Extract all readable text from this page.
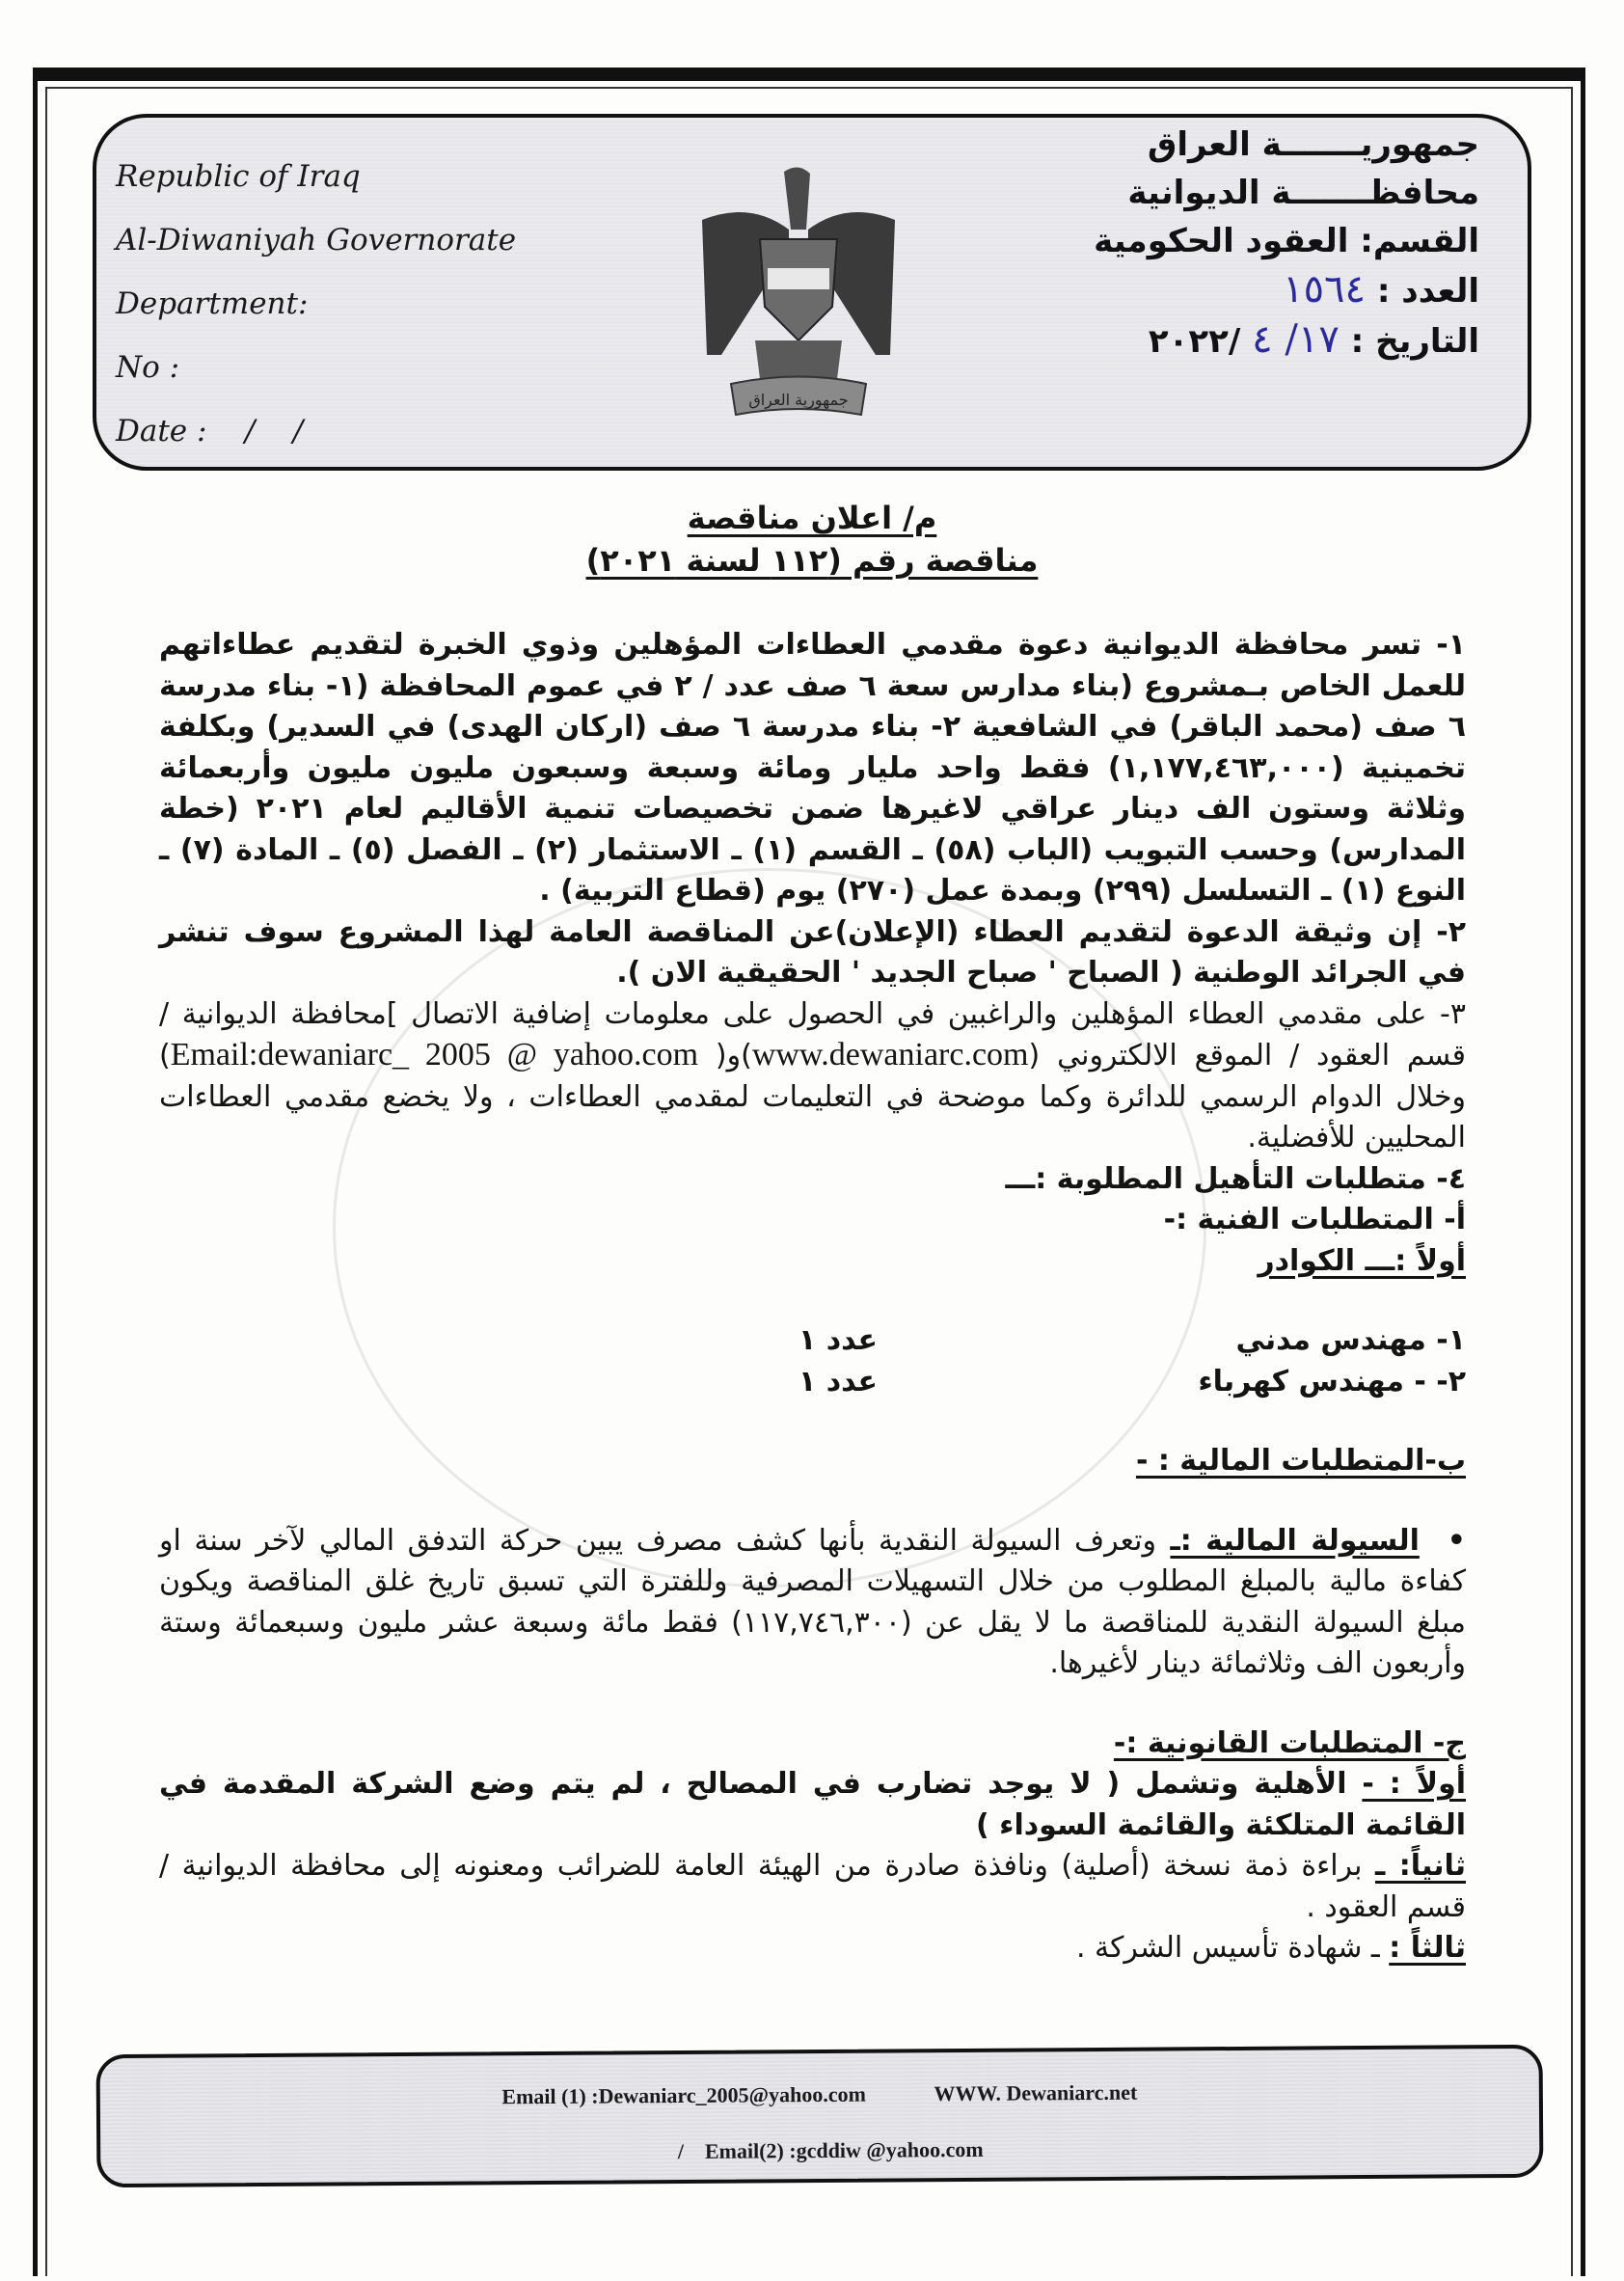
Republic of Iraq
Al-Diwaniyah Governorate
Department:
No :
Date :    /    /
جمهورية العراق
جمهوريـــــــة العراق
محافظـــــــة الديوانية
القسم: العقود الحكومية
العدد : ١٥٦٤
التاريخ : ١٧/ ٤ /٢٠٢٢
م/ اعلان مناقصة
مناقصة رقم (١١٢ لسنة ٢٠٢١)

١- تسر محافظة الديوانية دعوة مقدمي العطاءات المؤهلين وذوي الخبرة لتقديم عطاءاتهم للعمل الخاص بـمشروع (بناء مدارس سعة ٦ صف عدد / ٢ في عموم المحافظة (١- بناء مدرسة ٦ صف (محمد الباقر) في الشافعية ٢- بناء مدرسة ٦ صف (اركان الهدى) في السدير) وبكلفة تخمينية (١,١٧٧,٤٦٣,٠٠٠) فقط واحد مليار ومائة وسبعة وسبعون مليون مليون وأربعمائة وثلاثة وستون الف دينار عراقي لاغيرها ضمن تخصيصات تنمية الأقاليم لعام ٢٠٢١ (خطة المدارس) وحسب التبويب (الباب (٥٨) ـ القسم (١) ـ الاستثمار (٢) ـ الفصل (٥) ـ المادة (٧) ـ النوع (١) ـ التسلسل (٢٩٩) وبمدة عمل (٢٧٠) يوم (قطاع التربية) .

٢- إن وثيقة الدعوة لتقديم العطاء (الإعلان)عن المناقصة العامة لهذا المشروع سوف تنشر في الجرائد الوطنية ( الصباح ' صباح الجديد ' الحقيقية الان ).

٣- على مقدمي العطاء المؤهلين والراغبين في الحصول على معلومات إضافية الاتصال ]محافظة الديوانية / قسم العقود / الموقع الالكتروني (www.dewaniarc.com)و( Email:dewaniarc_ 2005 @ yahoo.com) وخلال الدوام الرسمي للدائرة وكما موضحة في التعليمات لمقدمي العطاءات ، ولا يخضع مقدمي العطاءات المحليين للأفضلية.

٤- متطلبات التأهيل المطلوبة :ـــ

أ- المتطلبات الفنية :-

أولاً :ـــ الكوادر

١- مهندس مدني
عدد ١
٢- - مهندس كهرباء
عدد ١

ب-المتطلبات المالية : -

•  السيولة المالية :ـ وتعرف السيولة النقدية بأنها كشف مصرف يبين حركة التدفق المالي لآخر سنة او كفاءة مالية بالمبلغ المطلوب من خلال التسهيلات المصرفية وللفترة التي تسبق تاريخ غلق المناقصة ويكون مبلغ السيولة النقدية للمناقصة ما لا يقل عن (١١٧,٧٤٦,٣٠٠) فقط مائة وسبعة عشر مليون وسبعمائة وستة وأربعون الف وثلاثمائة دينار لأغيرها.

ج- المتطلبات القانونية :-

أولاً : - الأهلية وتشمل ( لا يوجد تضارب في المصالح ، لم يتم وضع الشركة المقدمة في القائمة المتلكئة والقائمة السوداء )

ثانياً: ـ براءة ذمة نسخة (أصلية) ونافذة صادرة من الهيئة العامة للضرائب ومعنونه إلى محافظة الديوانية / قسم العقود .

ثالثاً : ـ شهادة تأسيس الشركة .

Email (1) :Dewaniarc_2005@yahoo.com	WWW. Dewaniarc.net

/    Email(2) :gcddiw @yahoo.com
